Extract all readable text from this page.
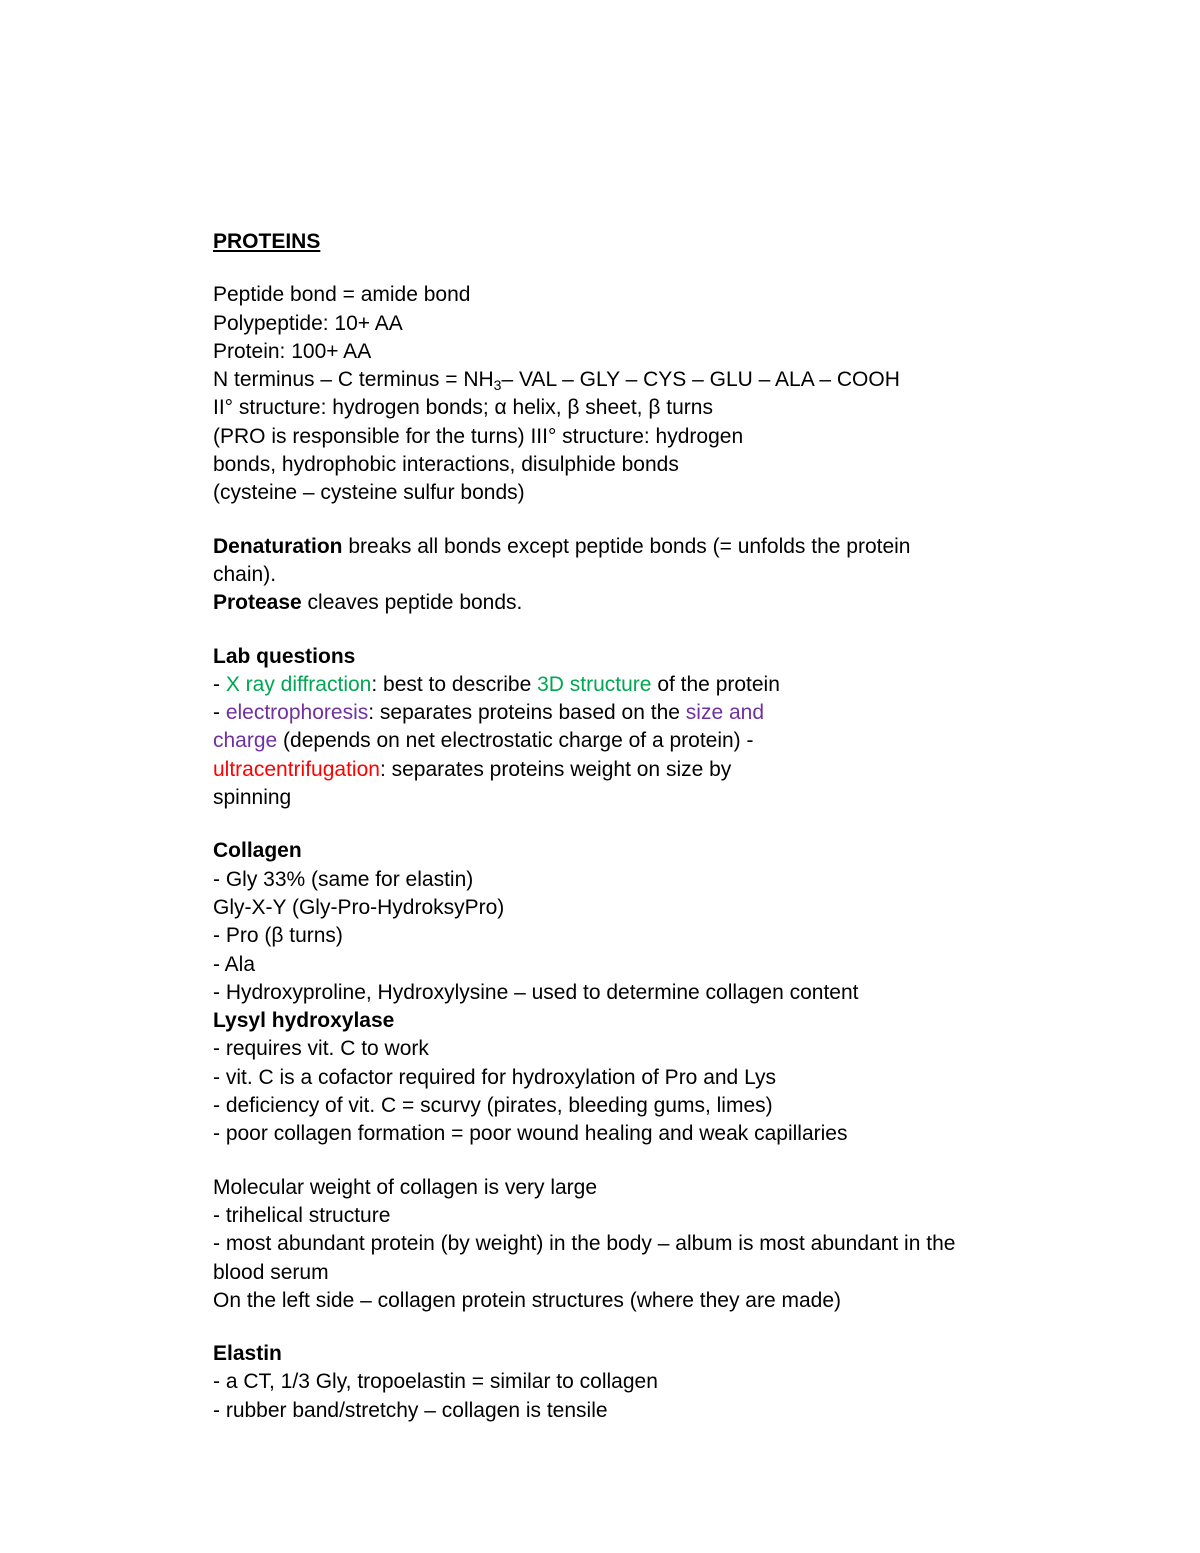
PROTEINS
Peptide bond = amide bond
Polypeptide: 10+ AA
Protein: 100+ AA
N terminus – C terminus = $NH_3-$ VAL – GLY – CYS – GLU – ALA – COOH
II° structure: hydrogen bonds; α helix, β sheet, β turns
(PRO is responsible for the turns) III° structure: hydrogen
bonds, hydrophobic interactions, disulphide bonds
(cysteine – cysteine sulfur bonds)
Denaturation breaks all bonds except peptide bonds (= unfolds the protein
chain).
Protease cleaves peptide bonds.
Lab questions
- X ray diffraction: best to describe 3D structure of the protein
- electrophoresis: separates proteins based on the size and
charge (depends on net electrostatic charge of a protein) -
ultracentrifugation: separates proteins weight on size by
spinning
Collagen
- Gly 33% (same for elastin)
Gly-X-Y (Gly-Pro-HydroksyPro)
- Pro (β turns)
- Ala
- Hydroxyproline, Hydroxylysine – used to determine collagen content
Lysyl hydroxylase
- requires vit. C to work
- vit. C is a cofactor required for hydroxylation of Pro and Lys
- deficiency of vit. C = scurvy (pirates, bleeding gums, limes)
- poor collagen formation = poor wound healing and weak capillaries
Molecular weight of collagen is very large
- trihelical structure
- most abundant protein (by weight) in the body – album is most abundant in the
blood serum
On the left side – collagen protein structures (where they are made)
Elastin
- a CT, 1/3 Gly, tropoelastin = similar to collagen
- rubber band/stretchy – collagen is tensile
